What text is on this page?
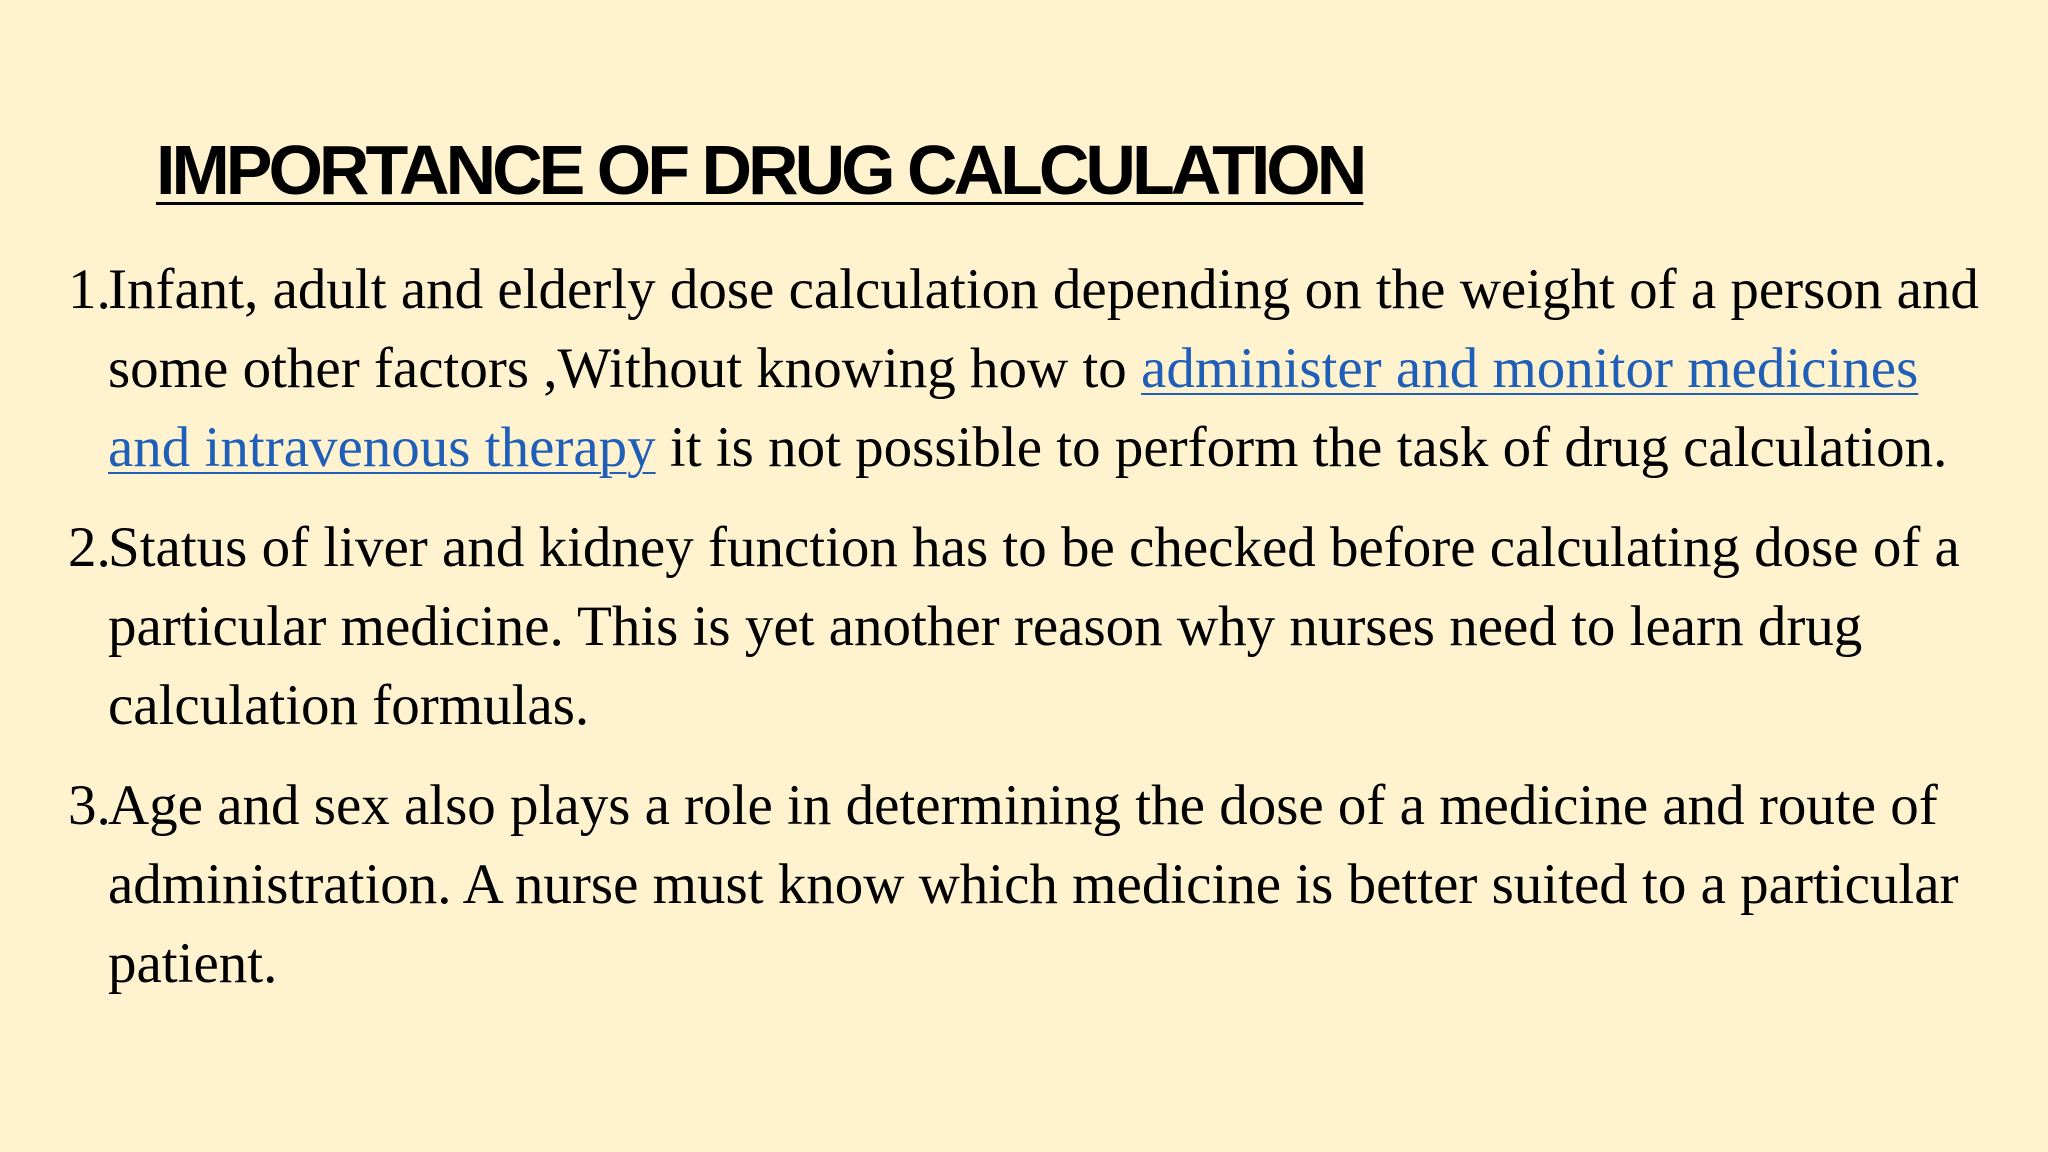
IMPORTANCE OF DRUG CALCULATION
1.
Infant, adult and elderly dose calculation depending on the weight of a person and some other factors ,Without knowing how to administer and monitor medicines and intravenous therapy it is not possible to perform the task of drug calculation.
2.
Status of liver and kidney function has to be checked before calculating dose of a particular medicine. This is yet another reason why nurses need to learn drug calculation formulas.
3.
Age and sex also plays a role in determining the dose of a medicine and route of administration. A nurse must know which medicine is better suited to a particular patient.
